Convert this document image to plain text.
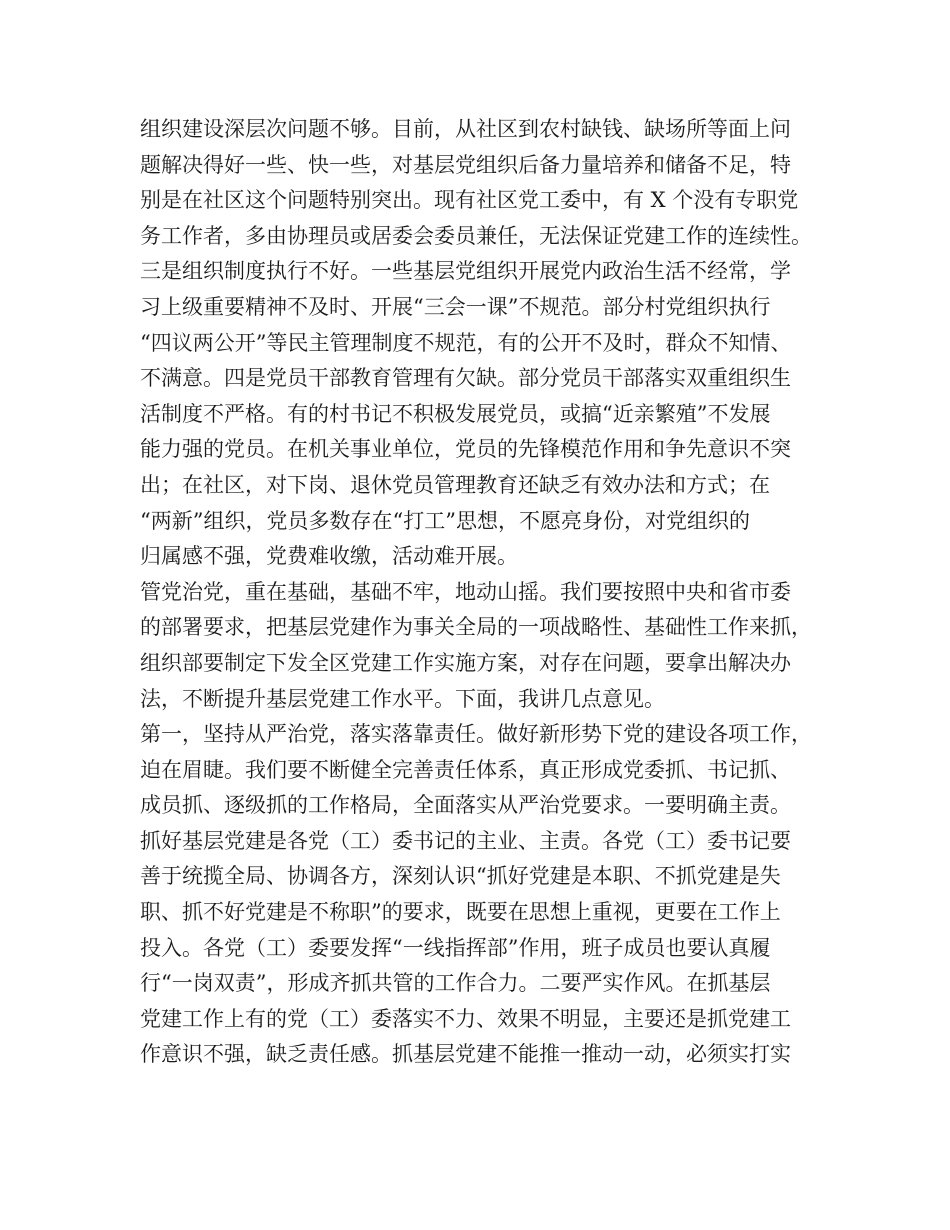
组织建设深层次问题不够。目前，从社区到农村缺钱、缺场所等面上问
题解决得好一些、快一些，对基层党组织后备力量培养和储备不足，特
别是在社区这个问题特别突出。现有社区党工委中，有 X 个没有专职党
务工作者，多由协理员或居委会委员兼任，无法保证党建工作的连续性。
三是组织制度执行不好。一些基层党组织开展党内政治生活不经常，学
习上级重要精神不及时、开展“三会一课”不规范。部分村党组织执行
“四议两公开”等民主管理制度不规范，有的公开不及时，群众不知情、
不满意。四是党员干部教育管理有欠缺。部分党员干部落实双重组织生
活制度不严格。有的村书记不积极发展党员，或搞“近亲繁殖”不发展
能力强的党员。在机关事业单位，党员的先锋模范作用和争先意识不突
出；在社区，对下岗、退休党员管理教育还缺乏有效办法和方式；在
“两新”组织，党员多数存在“打工”思想，不愿亮身份，对党组织的
归属感不强，党费难收缴，活动难开展。
管党治党，重在基础，基础不牢，地动山摇。我们要按照中央和省市委
的部署要求，把基层党建作为事关全局的一项战略性、基础性工作来抓，
组织部要制定下发全区党建工作实施方案，对存在问题，要拿出解决办
法，不断提升基层党建工作水平。下面，我讲几点意见。
第一，坚持从严治党，落实落靠责任。做好新形势下党的建设各项工作，
迫在眉睫。我们要不断健全完善责任体系，真正形成党委抓、书记抓、
成员抓、逐级抓的工作格局，全面落实从严治党要求。一要明确主责。
抓好基层党建是各党（工）委书记的主业、主责。各党（工）委书记要
善于统揽全局、协调各方，深刻认识“抓好党建是本职、不抓党建是失
职、抓不好党建是不称职”的要求，既要在思想上重视，更要在工作上
投入。各党（工）委要发挥“一线指挥部”作用，班子成员也要认真履
行“一岗双责”，形成齐抓共管的工作合力。二要严实作风。在抓基层
党建工作上有的党（工）委落实不力、效果不明显，主要还是抓党建工
作意识不强，缺乏责任感。抓基层党建不能推一推动一动，必须实打实
